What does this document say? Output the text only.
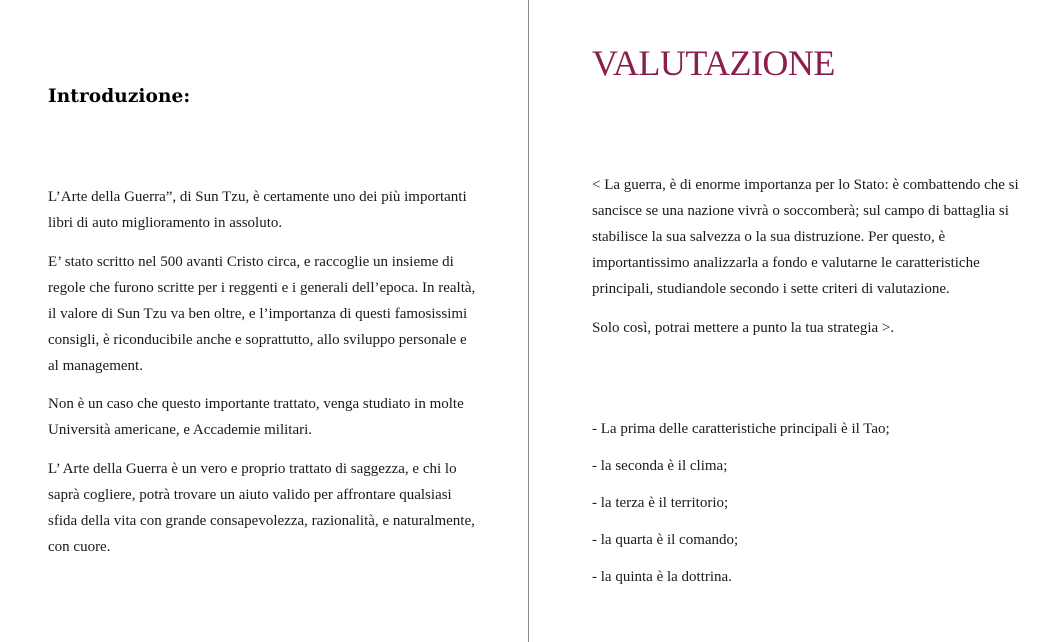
Introduzione:

L’Arte della Guerra”, di Sun Tzu, è certamente uno dei più importanti libri di auto miglioramento in assoluto.

E’ stato scritto nel 500 avanti Cristo circa, e raccoglie un insieme di regole che furono scritte per i reggenti e i generali dell’epoca. In realtà, il valore di Sun Tzu va ben oltre, e l’importanza di questi famosissimi consigli, è riconducibile anche e soprattutto, allo sviluppo personale e al management.

Non è un caso che questo importante trattato, venga studiato in molte Università americane, e Accademie militari.

L’ Arte della Guerra è un vero e proprio trattato di saggezza, e chi lo saprà cogliere, potrà trovare un aiuto valido per affrontare qualsiasi sfida della vita con grande consapevolezza, razionalità, e naturalmente, con cuore.

VALUTAZIONE

< La guerra, è di enorme importanza per lo Stato: è combattendo che si sancisce se una nazione vivrà o soccomberà; sul campo di battaglia si stabilisce la sua salvezza o la sua distruzione. Per questo, è importantissimo analizzarla a fondo e valutarne le caratteristiche principali, studiandole secondo i sette criteri di valutazione.

Solo così, potrai mettere a punto la tua strategia >.

- La prima delle caratteristiche principali è il Tao;
- la seconda è il clima;
- la terza è il territorio;
- la quarta è il comando;
- la quinta è la dottrina.
